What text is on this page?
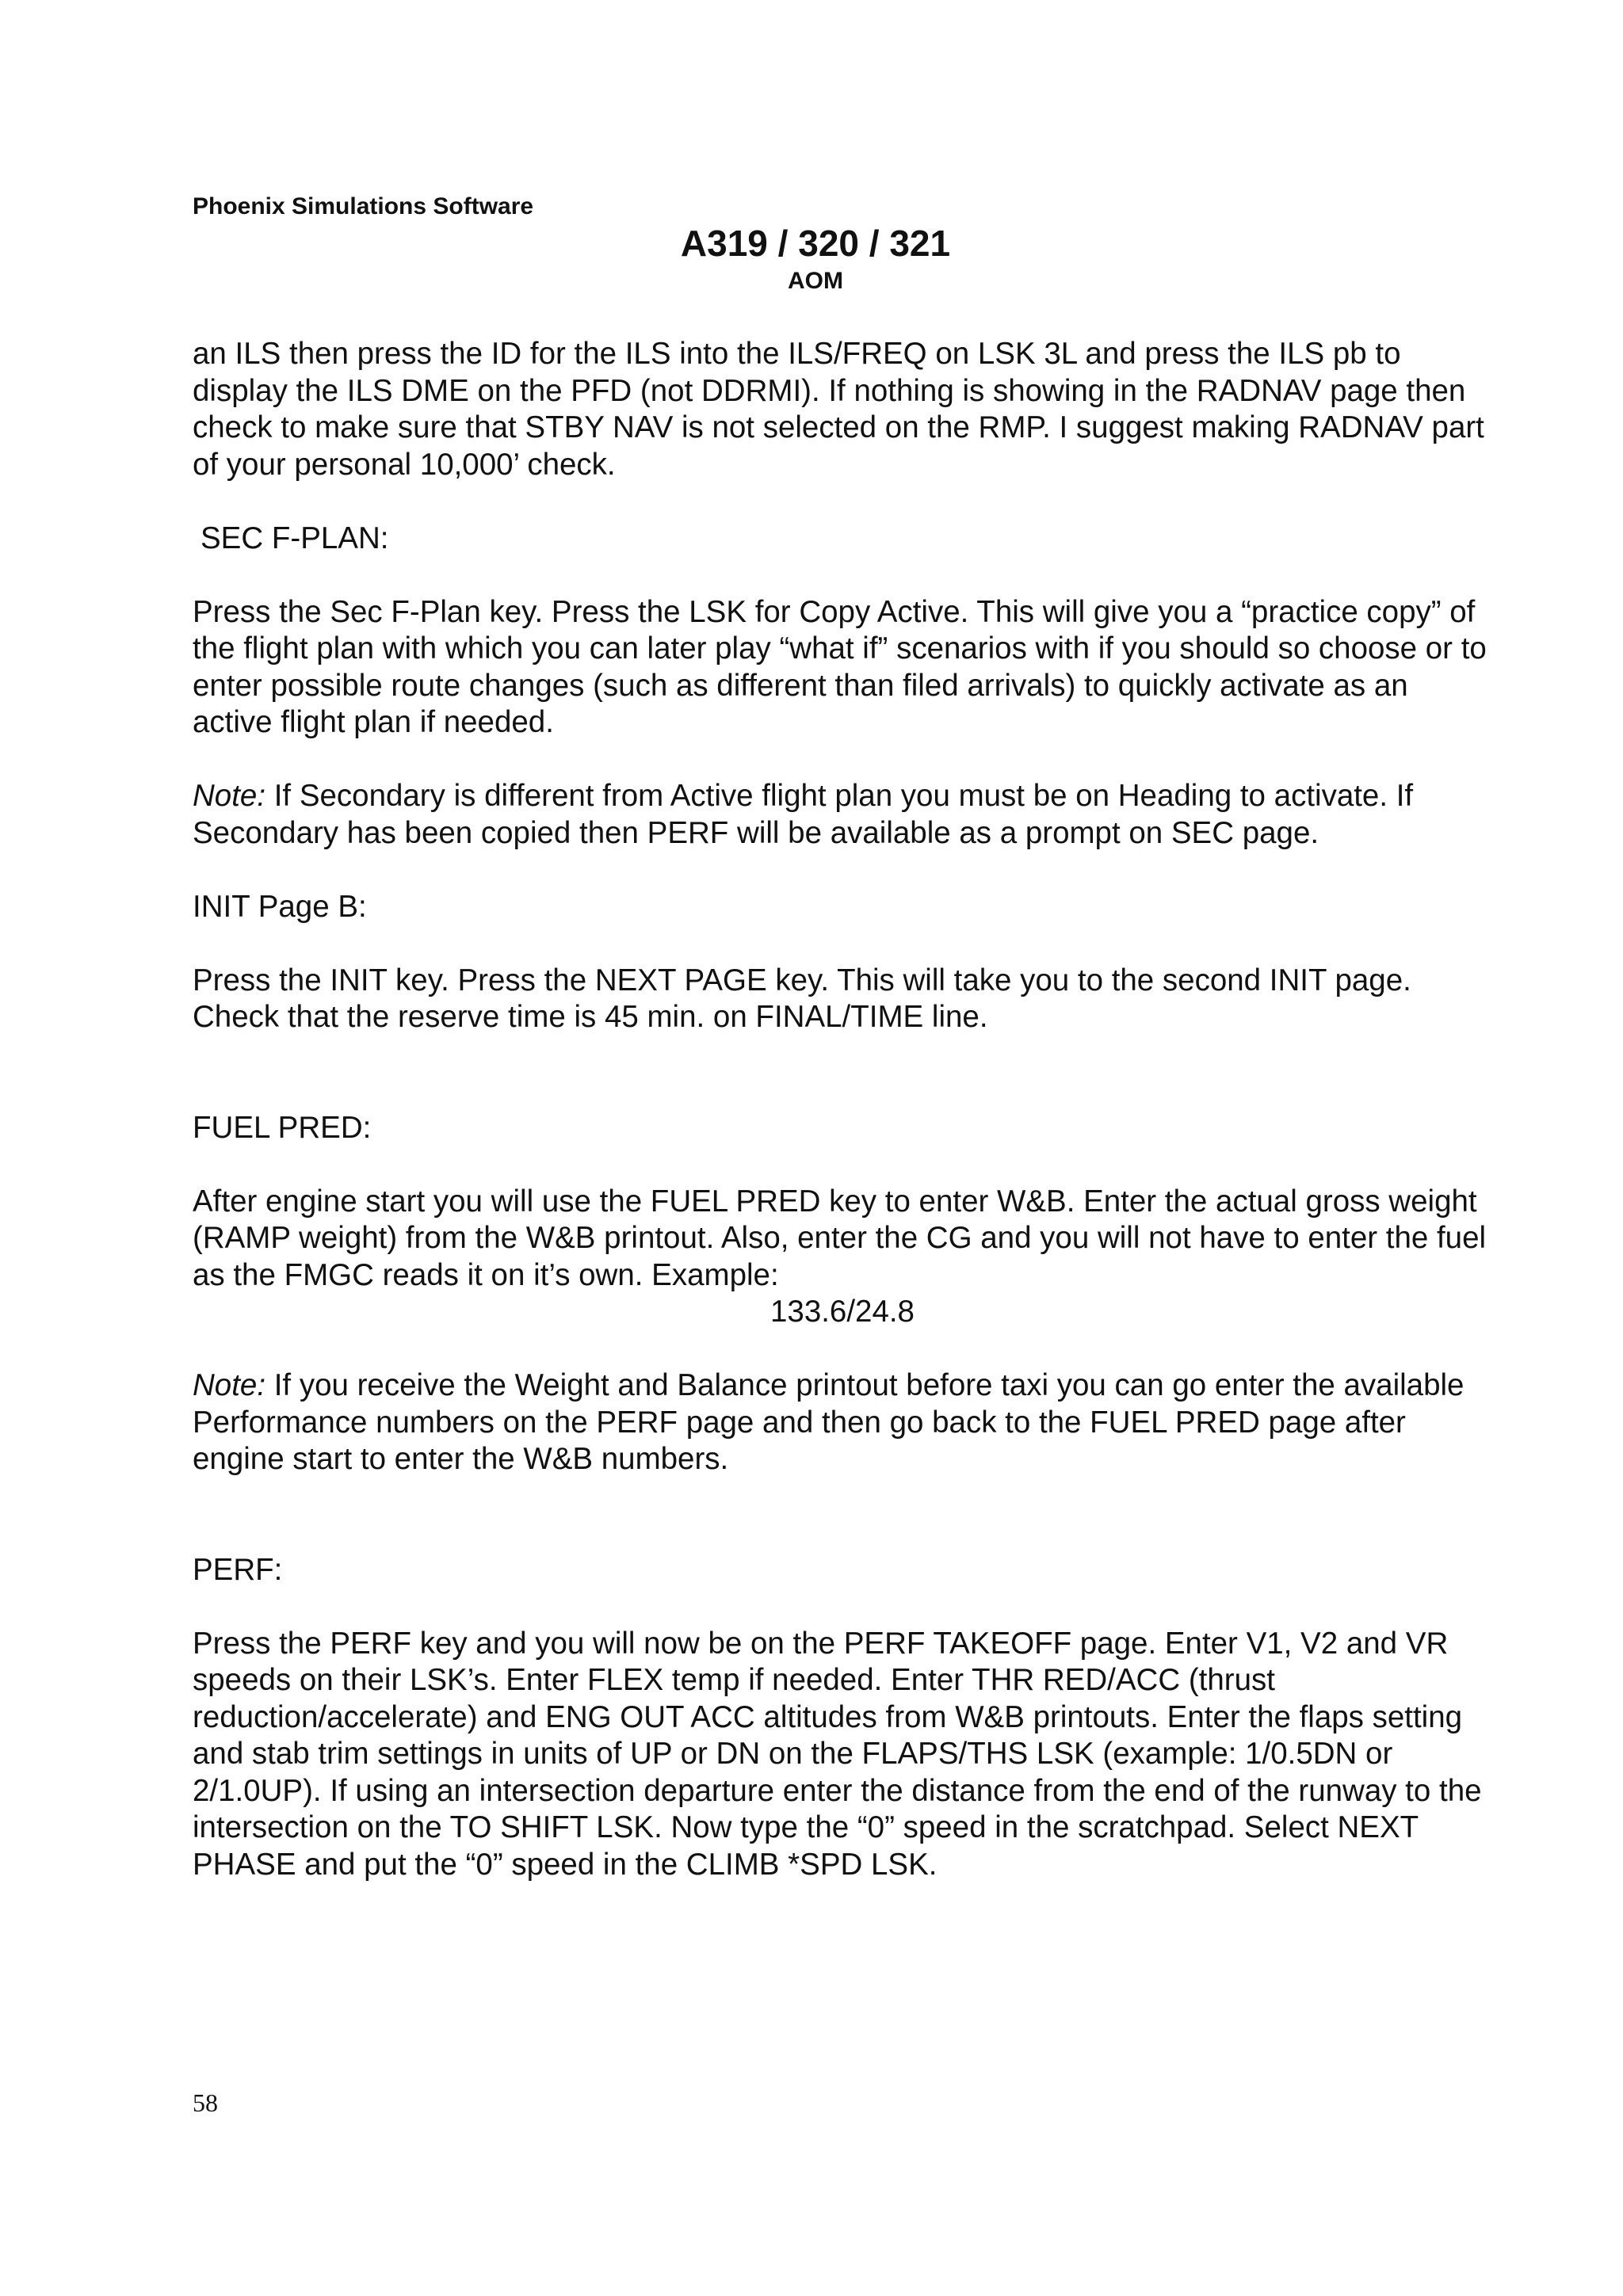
Phoenix Simulations Software
A319 / 320 / 321
AOM

an ILS then press the ID for the ILS into the ILS/FREQ on LSK 3L and press the ILS pb to display the ILS DME on the PFD (not DDRMI). If nothing is showing in the RADNAV page then check to make sure that STBY NAV is not selected on the RMP. I suggest making RADNAV part of your personal 10,000’ check.

SEC F-PLAN:

Press the Sec F-Plan key. Press the LSK for Copy Active. This will give you a “practice copy” of the flight plan with which you can later play “what if” scenarios with if you should so choose or to enter possible route changes (such as different than filed arrivals) to quickly activate as an active flight plan if needed.

Note: If Secondary is different from Active flight plan you must be on Heading to activate. If Secondary has been copied then PERF will be available as a prompt on SEC page.

INIT Page B:

Press the INIT key. Press the NEXT PAGE key. This will take you to the second INIT page. Check that the reserve time is 45 min. on FINAL/TIME line.

FUEL PRED:

After engine start you will use the FUEL PRED key to enter W&B. Enter the actual gross weight (RAMP weight) from the W&B printout. Also, enter the CG and you will not have to enter the fuel as the FMGC reads it on it’s own. Example:

133.6/24.8

Note: If you receive the Weight and Balance printout before taxi you can go enter the available Performance numbers on the PERF page and then go back to the FUEL PRED page after engine start to enter the W&B numbers.

PERF:

Press the PERF key and you will now be on the PERF TAKEOFF page. Enter V1, V2 and VR speeds on their LSK’s. Enter FLEX temp if needed. Enter THR RED/ACC (thrust reduction/accelerate) and ENG OUT ACC altitudes from W&B printouts. Enter the flaps setting and stab trim settings in units of UP or DN on the FLAPS/THS LSK (example: 1/0.5DN or 2/1.0UP). If using an intersection departure enter the distance from the end of the runway to the intersection on the TO SHIFT LSK. Now type the “0” speed in the scratchpad. Select NEXT PHASE and put the “0” speed in the CLIMB *SPD LSK.

58
